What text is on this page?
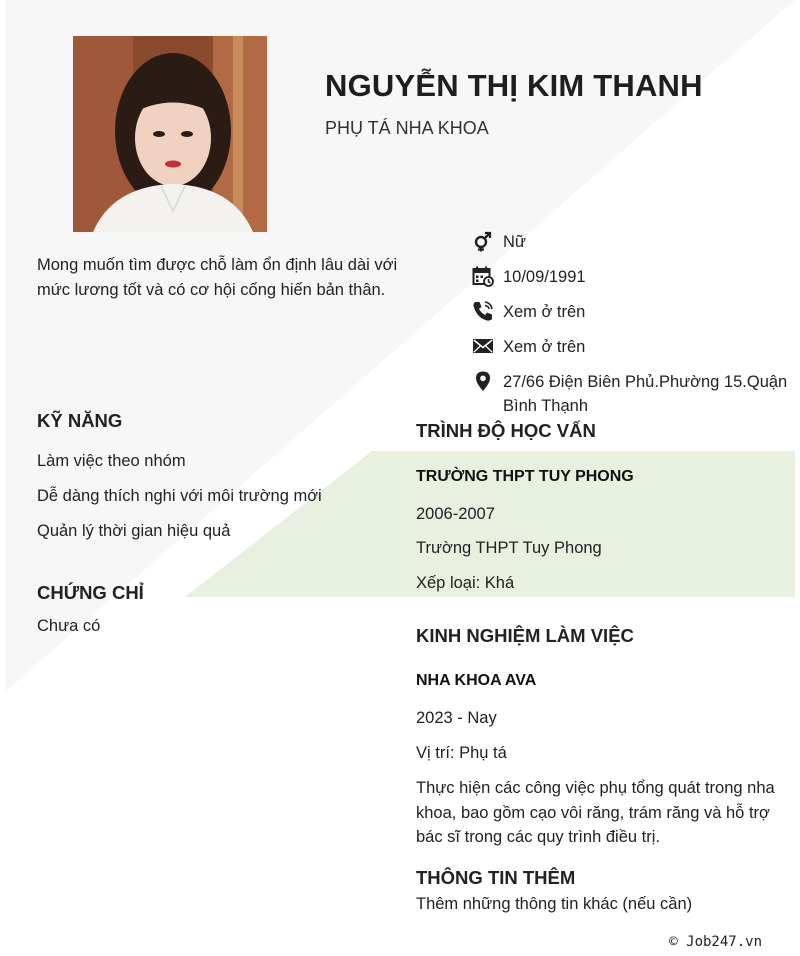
NGUYỄN THỊ KIM THANH
PHỤ TÁ NHA KHOA
Mong muốn tìm được chỗ làm ổn định lâu dài với mức lương tốt và có cơ hội cống hiến bản thân.
Nữ
10/09/1991
Xem ở trên
Xem ở trên
27/66 Điện Biên Phủ.Phường 15.Quận Bình Thạnh
KỸ NĂNG
Làm việc theo nhóm
Dễ dàng thích nghi với môi trường mới
Quản lý thời gian hiệu quả
CHỨNG CHỈ
Chưa có
TRÌNH ĐỘ HỌC VẤN
TRƯỜNG THPT TUY PHONG
2006-2007
Trường THPT Tuy Phong
Xếp loại: Khá
KINH NGHIỆM LÀM VIỆC
NHA KHOA AVA
2023 - Nay
Vị trí: Phụ tá
Thực hiện các công việc phụ tổng quát trong nha khoa, bao gồm cạo vôi răng, trám răng và hỗ trợ bác sĩ trong các quy trình điều trị.
THÔNG TIN THÊM
Thêm những thông tin khác (nếu cần)
© Job247.vn
